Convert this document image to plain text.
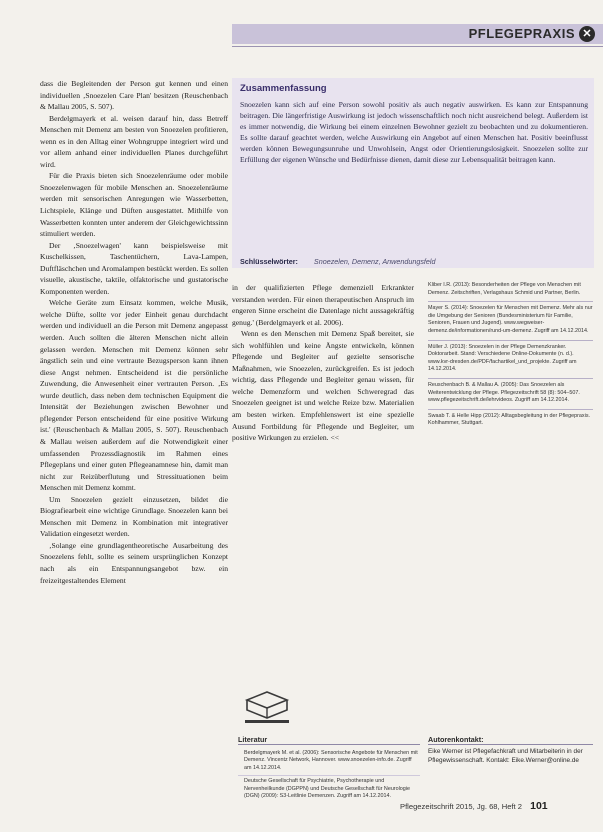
PFLEGEPRAXIS ✕

dass die Begleitenden der Person gut kennen und einen individuellen ‚Snoezelen Care Plan' besitzen (Reuschenbach & Mallau 2005, S. 507).

Berdelgmayerk et al. weisen darauf hin, dass Betreff Menschen mit Demenz am besten von Snoezelen profitieren, wenn es in den Alltag einer Wohngruppe integriert wird und vor allem anhand einer individuellen Planes durchgeführt wird.

Für die Praxis bieten sich Snoezelenräume oder mobile Snoezelenwagen für mobile Menschen an. Snoezelenräume werden mit sensorischen Anregungen wie Wasserbetten, Lichtspiele, Klänge und Düften ausgestattet. Mithilfe von Wasserbetten konnten unter anderem der Gleichgewichtssinn stimuliert werden.

Der ‚Snoezelwagen' kann beispielsweise mit Kuschelkissen, Taschentüchern, Lava-Lampen, Duftfläschchen und Aromalampen bestückt werden. Es sollen visuelle, akustische, taktile, olfaktorische und gustatorische Komponenten werden.

Welche Geräte zum Einsatz kommen, welche Musik, welche Düfte, sollte vor jeder Einheit genau durchdacht werden und individuell an die Person mit Demenz angepasst werden. Auch sollten die älteren Menschen nicht allein gelassen werden. Menschen mit Demenz können sehr ängstlich sein und eine vertraute Bezugsperson kann ihnen diese Angst nehmen. Entscheidend ist die persönliche Zuwendung, die Anwesenheit einer vertrauten Person. ‚Es wurde deutlich, dass neben dem technischen Equipment die Intensität der Beziehungen zwischen Bewohner und pflegender Person entscheidend für eine positive Wirkung ist.' (Reuschenbach & Mallau 2005, S. 507). Reuschenbach & Mallau weisen außerdem auf die Notwendigkeit einer umfassenden Prozessdiagnostik im Rahmen eines Pflegeplans und einer guten Pflegeanamnese hin, damit man nicht zur Reizüberflutung und Stressituationen beim Menschen mit Demenz kommt.

Um Snoezelen gezielt einzusetzen, bildet die Biografiearbeit eine wichtige Grundlage. Snoezelen kann bei Menschen mit Demenz in Kombination mit integrativer Validation eingesetzt werden.

‚Solange eine grundlagentheoretische Ausarbeitung des Snoezelens fehlt, sollte es seinem ursprünglichen Konzept nach als ein Entspannungsangebot bzw. ein freizeitgestaltendes Element

Zusammenfassung
Snoezelen kann sich auf eine Person sowohl positiv als auch negativ auswirken. Es kann zur Entspannung beitragen. Die längerfristige Auswirkung ist jedoch wissenschaftlich noch nicht ausreichend belegt. Außerdem ist es immer notwendig, die Wirkung bei einem einzelnen Bewohner gezielt zu beobachten und zu dokumentieren. Es sollte darauf geachtet werden, welche Auswirkung ein Angebot auf einen Menschen hat. Positiv beeinflusst werden können Bewegungsunruhe und Unwohlsein, Angst oder Orientierungslosigkeit. Snoezelen sollte zur Erfüllung der eigenen Wünsche und Bedürfnisse dienen, damit diese zur Lebensqualität beitragen kann.
Schlüsselwörter: Snoezelen, Demenz, Anwendungsfeld

in der qualifizierten Pflege demenziell Erkrankter verstanden werden. Für einen therapeutischen Anspruch im engeren Sinne erscheint die Datenlage nicht aussagekräftig genug.' (Berdelgmayerk et al. 2006).

Wenn es den Menschen mit Demenz Spaß bereitet, sie sich wohlfühlen und keine Ängste entwickeln, können Pflegende und Begleiter auf gezielte sensorische Maßnahmen, wie Snoezelen, zurückgreifen. Es ist jedoch wichtig, dass Pflegende und Begleiter genau wissen, für welche Demenzform und welchen Schweregrad das Snoezelen geeignet ist und welche Reize bzw. Materialien am besten wirken. Empfehlenswert ist eine spezielle Ausund Fortbildung für Pflegende und Begleiter, um positive Wirkungen zu erzielen. <<

Kliber I.R. (2013): Besonderheiten der Pflege von Menschen mit Demenz. Zeitschriften, Verlagshaus Schmid und Partner, Berlin.
Mayer S. (2014): Snoezelen für Menschen mit Demenz. Mehr als nur die Umgebung der Senioren (Bundesministerium für Familie, Senioren, Frauen und Jugend). www.wegweiser-demenz.de/informationen/rund-um-demenz. Zugriff am 14.12.2014.
Müller J. (2013): Snoezelen in der Pflege Demenzkranker. Doktorarbeit. Stand: Verschiedene Online-Dokumente (n. d.). www.kvr-dresden.de/PDF/fachartikel_und_projekte. Zugriff am 14.12.2014.
Reuschenbach B. & Mallau A. (2005): Das Snoezelen als Weiterentwicklung der Pflege. Pflegezeitschrift 58 (8): 504–507. www.pflegezeitschrift.de/lehrvideos. Zugriff am 14.12.2014.
Swaab T. & Helle Hipp (2012): Alltagsbegleitung in der Pflegepraxis. Kohlhammer, Stuttgart.
Literatur
Berdelgmayerk M. et al. (2006): Sensorische Angebote für Menschen mit Demenz. Vincentz Network, Hannover. www.snoezelen-info.de. Zugriff am 14.12.2014.
Deutsche Gesellschaft für Psychiatrie, Psychotherapie und Nervenheilkunde (DGPPN) und Deutsche Gesellschaft für Neurologie (DGN) (2009): S3-Leitlinie Demenzen. Zugriff am 14.12.2014.
Autorenkontakt:
Eike Werner ist Pflegefachkraft und Mitarbeiterin in der Pflegewissenschaft. Kontakt: Eike.Werner@online.de
Pflegezeitschrift 2015, Jg. 68, Heft 2 101
